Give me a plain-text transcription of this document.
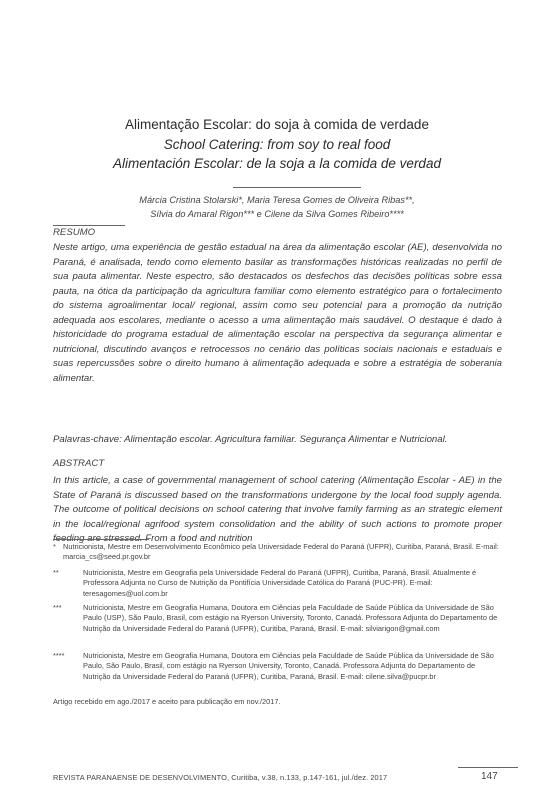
Alimentação Escolar: do soja à comida de verdade
School Catering: from soy to real food
Alimentación Escolar: de la soja a la comida de verdad
Márcia Cristina Stolarski*, Maria Teresa Gomes de Oliveira Ribas**,
Sílvia do Amaral Rigon*** e Cilene da Silva Gomes Ribeiro****
RESUMO
Neste artigo, uma experiência de gestão estadual na área da alimentação escolar (AE), desenvolvida no Paraná, é analisada, tendo como elemento basilar as transformações históricas realizadas no perfil de sua pauta alimentar. Neste espectro, são destacados os desfechos das decisões políticas sobre essa pauta, na ótica da participação da agricultura familiar como elemento estratégico para o fortalecimento do sistema agroalimentar local/ regional, assim como seu potencial para a promoção da nutrição adequada aos escolares, mediante o acesso a uma alimentação mais saudável. O destaque é dado à historicidade do programa estadual de alimentação escolar na perspectiva da segurança alimentar e nutricional, discutindo avanços e retrocessos no cenário das políticas sociais nacionais e estaduais e suas repercussões sobre o direito humano à alimentação adequada e sobre a estratégia de soberania alimentar.
Palavras-chave: Alimentação escolar. Agricultura familiar. Segurança Alimentar e Nutricional.
ABSTRACT
In this article, a case of governmental management of school catering (Alimentação Escolar - AE) in the State of Paraná is discussed based on the transformations undergone by the local food supply agenda. The outcome of political decisions on school catering that involve family farming as an strategic element in the local/regional agrifood system consolidation and the ability of such actions to promote proper feeding are stressed. From a food and nutrition
* Nutricionista, Mestre em Desenvolvimento Econômico pela Universidade Federal do Paraná (UFPR), Curitiba, Paraná, Brasil. E-mail: marcia_cs@seed.pr.gov.br
**	Nutricionista, Mestre em Geografia pela Universidade Federal do Paraná (UFPR), Curitiba, Paraná, Brasil. Atualmente é Professora Adjunta no Curso de Nutrição da Pontifícia Universidade Católica do Paraná (PUC-PR). E-mail: teresagomes@uol.com.br
***	Nutricionista, Mestre em Geografia Humana, Doutora em Ciências pela Faculdade de Saúde Pública da Universidade de São Paulo (USP), São Paulo, Brasil, com estágio na Ryerson University, Toronto, Canadá. Professora Adjunta do Departamento de Nutrição da Universidade Federal do Paraná (UFPR), Curitiba, Paraná, Brasil. E-mail: silviarigon@gmail.com
****	Nutricionista, Mestre em Geografia Humana, Doutora em Ciências pela Faculdade de Saúde Pública da Universidade de São Paulo, São Paulo, Brasil, com estágio na Ryerson University, Toronto, Canadá. Professora Adjunta do Departamento de Nutrição da Universidade Federal do Paraná (UFPR), Curitiba, Paraná, Brasil. E-mail: cilene.silva@pucpr.br
Artigo recebido em ago./2017 e aceito para publicação em nov./2017.
REVISTA PARANAENSE DE DESENVOLVIMENTO, Curitiba, v.38, n.133, p.147-161, jul./dez. 2017	147
